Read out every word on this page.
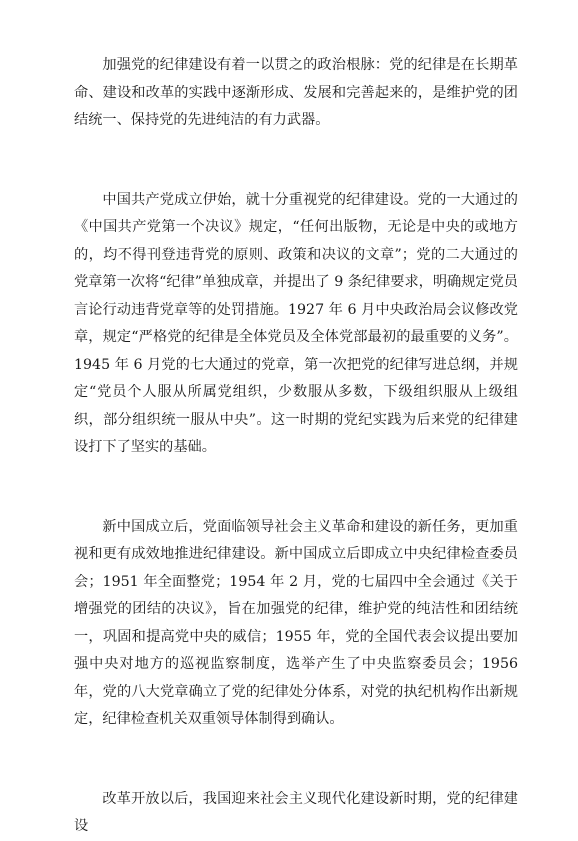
加强党的纪律建设有着一以贯之的政治根脉：党的纪律是在长期革命、建设和改革的实践中逐渐形成、发展和完善起来的，是维护党的团结统一、保持党的先进纯洁的有力武器。

中国共产党成立伊始，就十分重视党的纪律建设。党的一大通过的《中国共产党第一个决议》规定，“任何出版物，无论是中央的或地方的，均不得刊登违背党的原则、政策和决议的文章”；党的二大通过的党章第一次将“纪律”单独成章，并提出了 9 条纪律要求，明确规定党员言论行动违背党章等的处罚措施。1927 年 6 月中央政治局会议修改党章，规定“严格党的纪律是全体党员及全体党部最初的最重要的义务”。1945 年 6 月党的七大通过的党章，第一次把党的纪律写进总纲，并规定“党员个人服从所属党组织，少数服从多数，下级组织服从上级组织，部分组织统一服从中央”。这一时期的党纪实践为后来党的纪律建设打下了坚实的基础。

新中国成立后，党面临领导社会主义革命和建设的新任务，更加重视和更有成效地推进纪律建设。新中国成立后即成立中央纪律检查委员会；1951 年全面整党；1954 年 2 月，党的七届四中全会通过《关于增强党的团结的决议》，旨在加强党的纪律，维护党的纯洁性和团结统一，巩固和提高党中央的威信；1955 年，党的全国代表会议提出要加强中央对地方的巡视监察制度，选举产生了中央监察委员会；1956 年，党的八大党章确立了党的纪律处分体系，对党的执纪机构作出新规定，纪律检查机关双重领导体制得到确认。

改革开放以后，我国迎来社会主义现代化建设新时期，党的纪律建设
